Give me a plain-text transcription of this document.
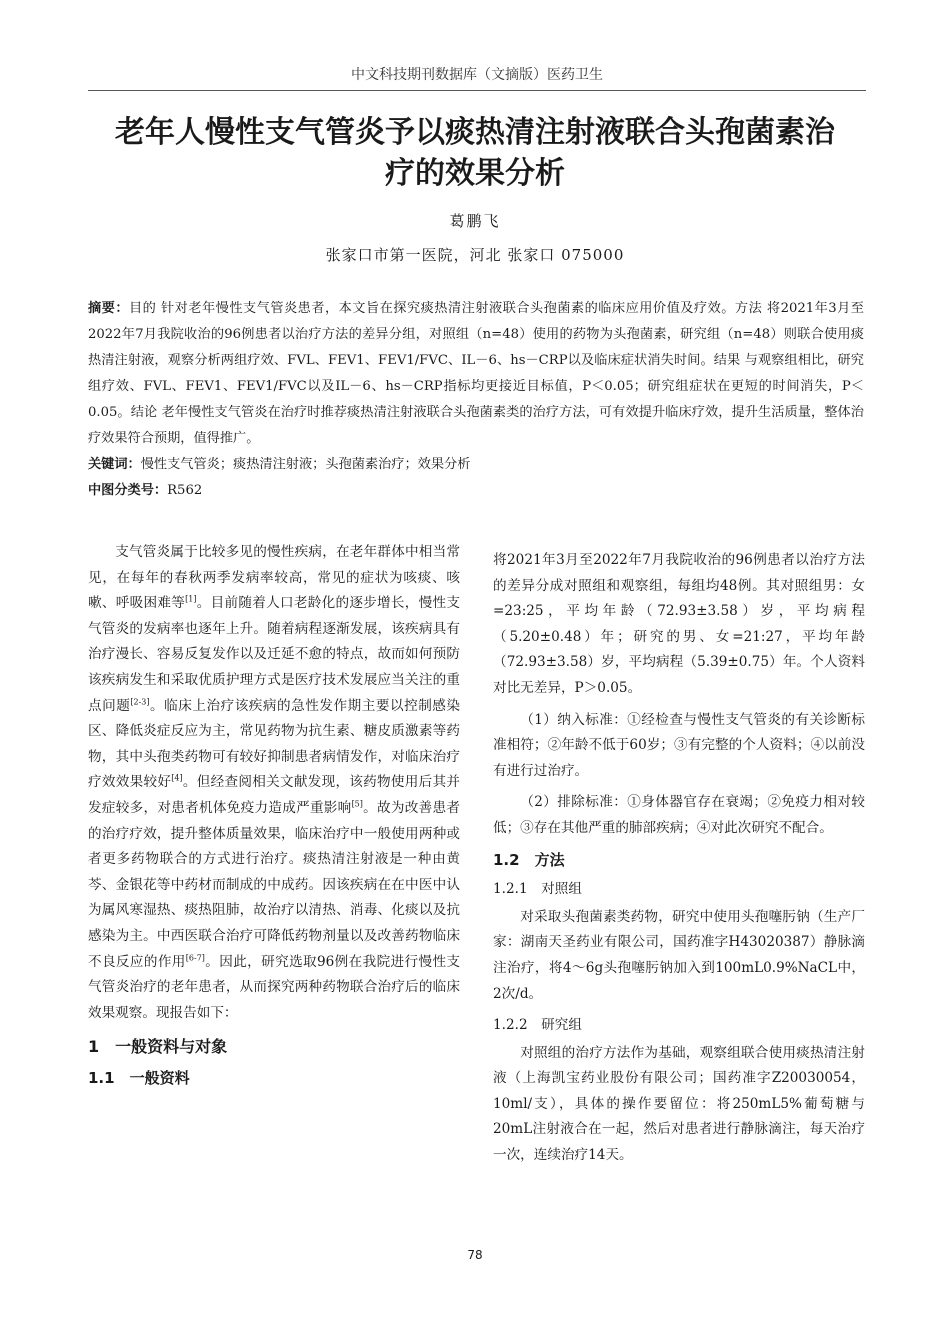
中文科技期刊数据库（文摘版）医药卫生
老年人慢性支气管炎予以痰热清注射液联合头孢菌素治
疗的效果分析
葛鹏飞
张家口市第一医院，河北 张家口 075000

摘要：目的 针对老年慢性支气管炎患者，本文旨在探究痰热清注射液联合头孢菌素的临床应用价值及疗效。方法 将2021年3月至2022年7月我院收治的96例患者以治疗方法的差异分组，对照组（n=48）使用的药物为头孢菌素，研究组（n=48）则联合使用痰热清注射液，观察分析两组疗效、FVL、FEV1、FEV1/FVC、IL－6、hs－CRP以及临床症状消失时间。结果 与观察组相比，研究组疗效、FVL、FEV1、FEV1/FVC以及IL－6、hs－CRP指标均更接近目标值，P＜0.05；研究组症状在更短的时间消失，P＜0.05。结论 老年慢性支气管炎在治疗时推荐痰热清注射液联合头孢菌素类的治疗方法，可有效提升临床疗效，提升生活质量，整体治疗效果符合预期，值得推广。

关键词：慢性支气管炎；痰热清注射液；头孢菌素治疗；效果分析

中图分类号：R562

支气管炎属于比较多见的慢性疾病，在老年群体中相当常见，在每年的春秋两季发病率较高，常见的症状为咳痰、咳嗽、呼吸困难等[1]。目前随着人口老龄化的逐步增长，慢性支气管炎的发病率也逐年上升。随着病程逐渐发展，该疾病具有治疗漫长、容易反复发作以及迁延不愈的特点，故而如何预防该疾病发生和采取优质护理方式是医疗技术发展应当关注的重点问题[2-3]。临床上治疗该疾病的急性发作期主要以控制感染区、降低炎症反应为主，常见药物为抗生素、糖皮质激素等药物，其中头孢类药物可有较好抑制患者病情发作，对临床治疗疗效效果较好[4]。但经查阅相关文献发现，该药物使用后其并发症较多，对患者机体免疫力造成严重影响[5]。故为改善患者的治疗疗效，提升整体质量效果，临床治疗中一般使用两种或者更多药物联合的方式进行治疗。痰热清注射液是一种由黄芩、金银花等中药材而制成的中成药。因该疾病在在中医中认为属风寒湿热、痰热阻肺，故治疗以清热、消毒、化痰以及抗感染为主。中西医联合治疗可降低药物剂量以及改善药物临床不良反应的作用[6-7]。因此，研究选取96例在我院进行慢性支气管炎治疗的老年患者，从而探究两种药物联合治疗后的临床效果观察。现报告如下：

1　一般资料与对象
1.1　一般资料

将2021年3月至2022年7月我院收治的96例患者以治疗方法的差异分成对照组和观察组，每组均48例。其对照组男：女=23:25，平均年龄（72.93±3.58）岁，平均病程（5.20±0.48）年；研究的男、女=21:27，平均年龄（72.93±3.58）岁，平均病程（5.39±0.75）年。个人资料对比无差异，P＞0.05。

（1）纳入标准：①经检查与慢性支气管炎的有关诊断标准相符；②年龄不低于60岁；③有完整的个人资料；④以前没有进行过治疗。

（2）排除标准：①身体器官存在衰竭；②免疫力相对较低；③存在其他严重的肺部疾病；④对此次研究不配合。

1.2　方法
1.2.1　对照组

对采取头孢菌素类药物，研究中使用头孢噻肟钠（生产厂家：湖南天圣药业有限公司，国药准字H43020387）静脉滴注治疗，将4～6g头孢噻肟钠加入到100mL0.9%NaCL中，2次/d。

1.2.2　研究组

对照组的治疗方法作为基础，观察组联合使用痰热清注射液（上海凯宝药业股份有限公司；国药准字Z20030054，10ml/支），具体的操作要留位：将250mL5%葡萄糖与20mL注射液合在一起，然后对患者进行静脉滴注，每天治疗一次，连续治疗14天。

78
